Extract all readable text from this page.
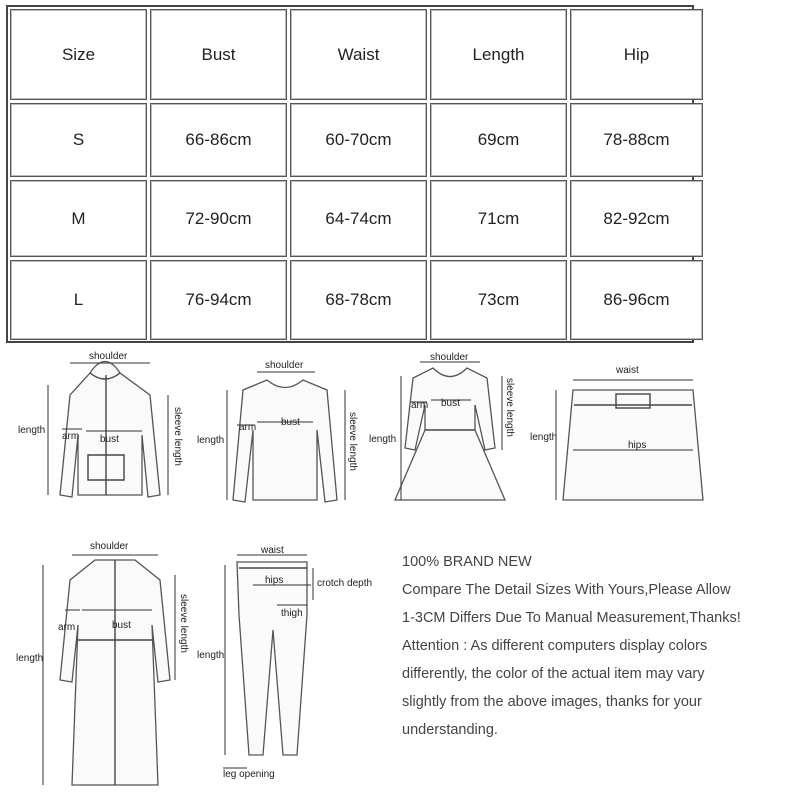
Size	Bust	Waist	Length	Hip
S	66-86cm	60-70cm	69cm	78-88cm
M	72-90cm	64-74cm	71cm	82-92cm
L	76-94cm	68-78cm	73cm	86-96cm
shoulder
length
arm bust	sleeve length
shoulder
length
arm bust	sleeve length
shoulder
length
arm bust	sleeve length
waist
length
hips
shoulder
length
arm	bust	sleeve length
waist
hips	crotch depth
thigh
length
leg opening

100% BRAND NEW

Compare The Detail Sizes With Yours,Please Allow

1-3CM Differs Due To Manual Measurement,Thanks!

Attention : As different computers display colors

differently, the color of the actual item may vary

slightly from the above images, thanks for your

understanding.
